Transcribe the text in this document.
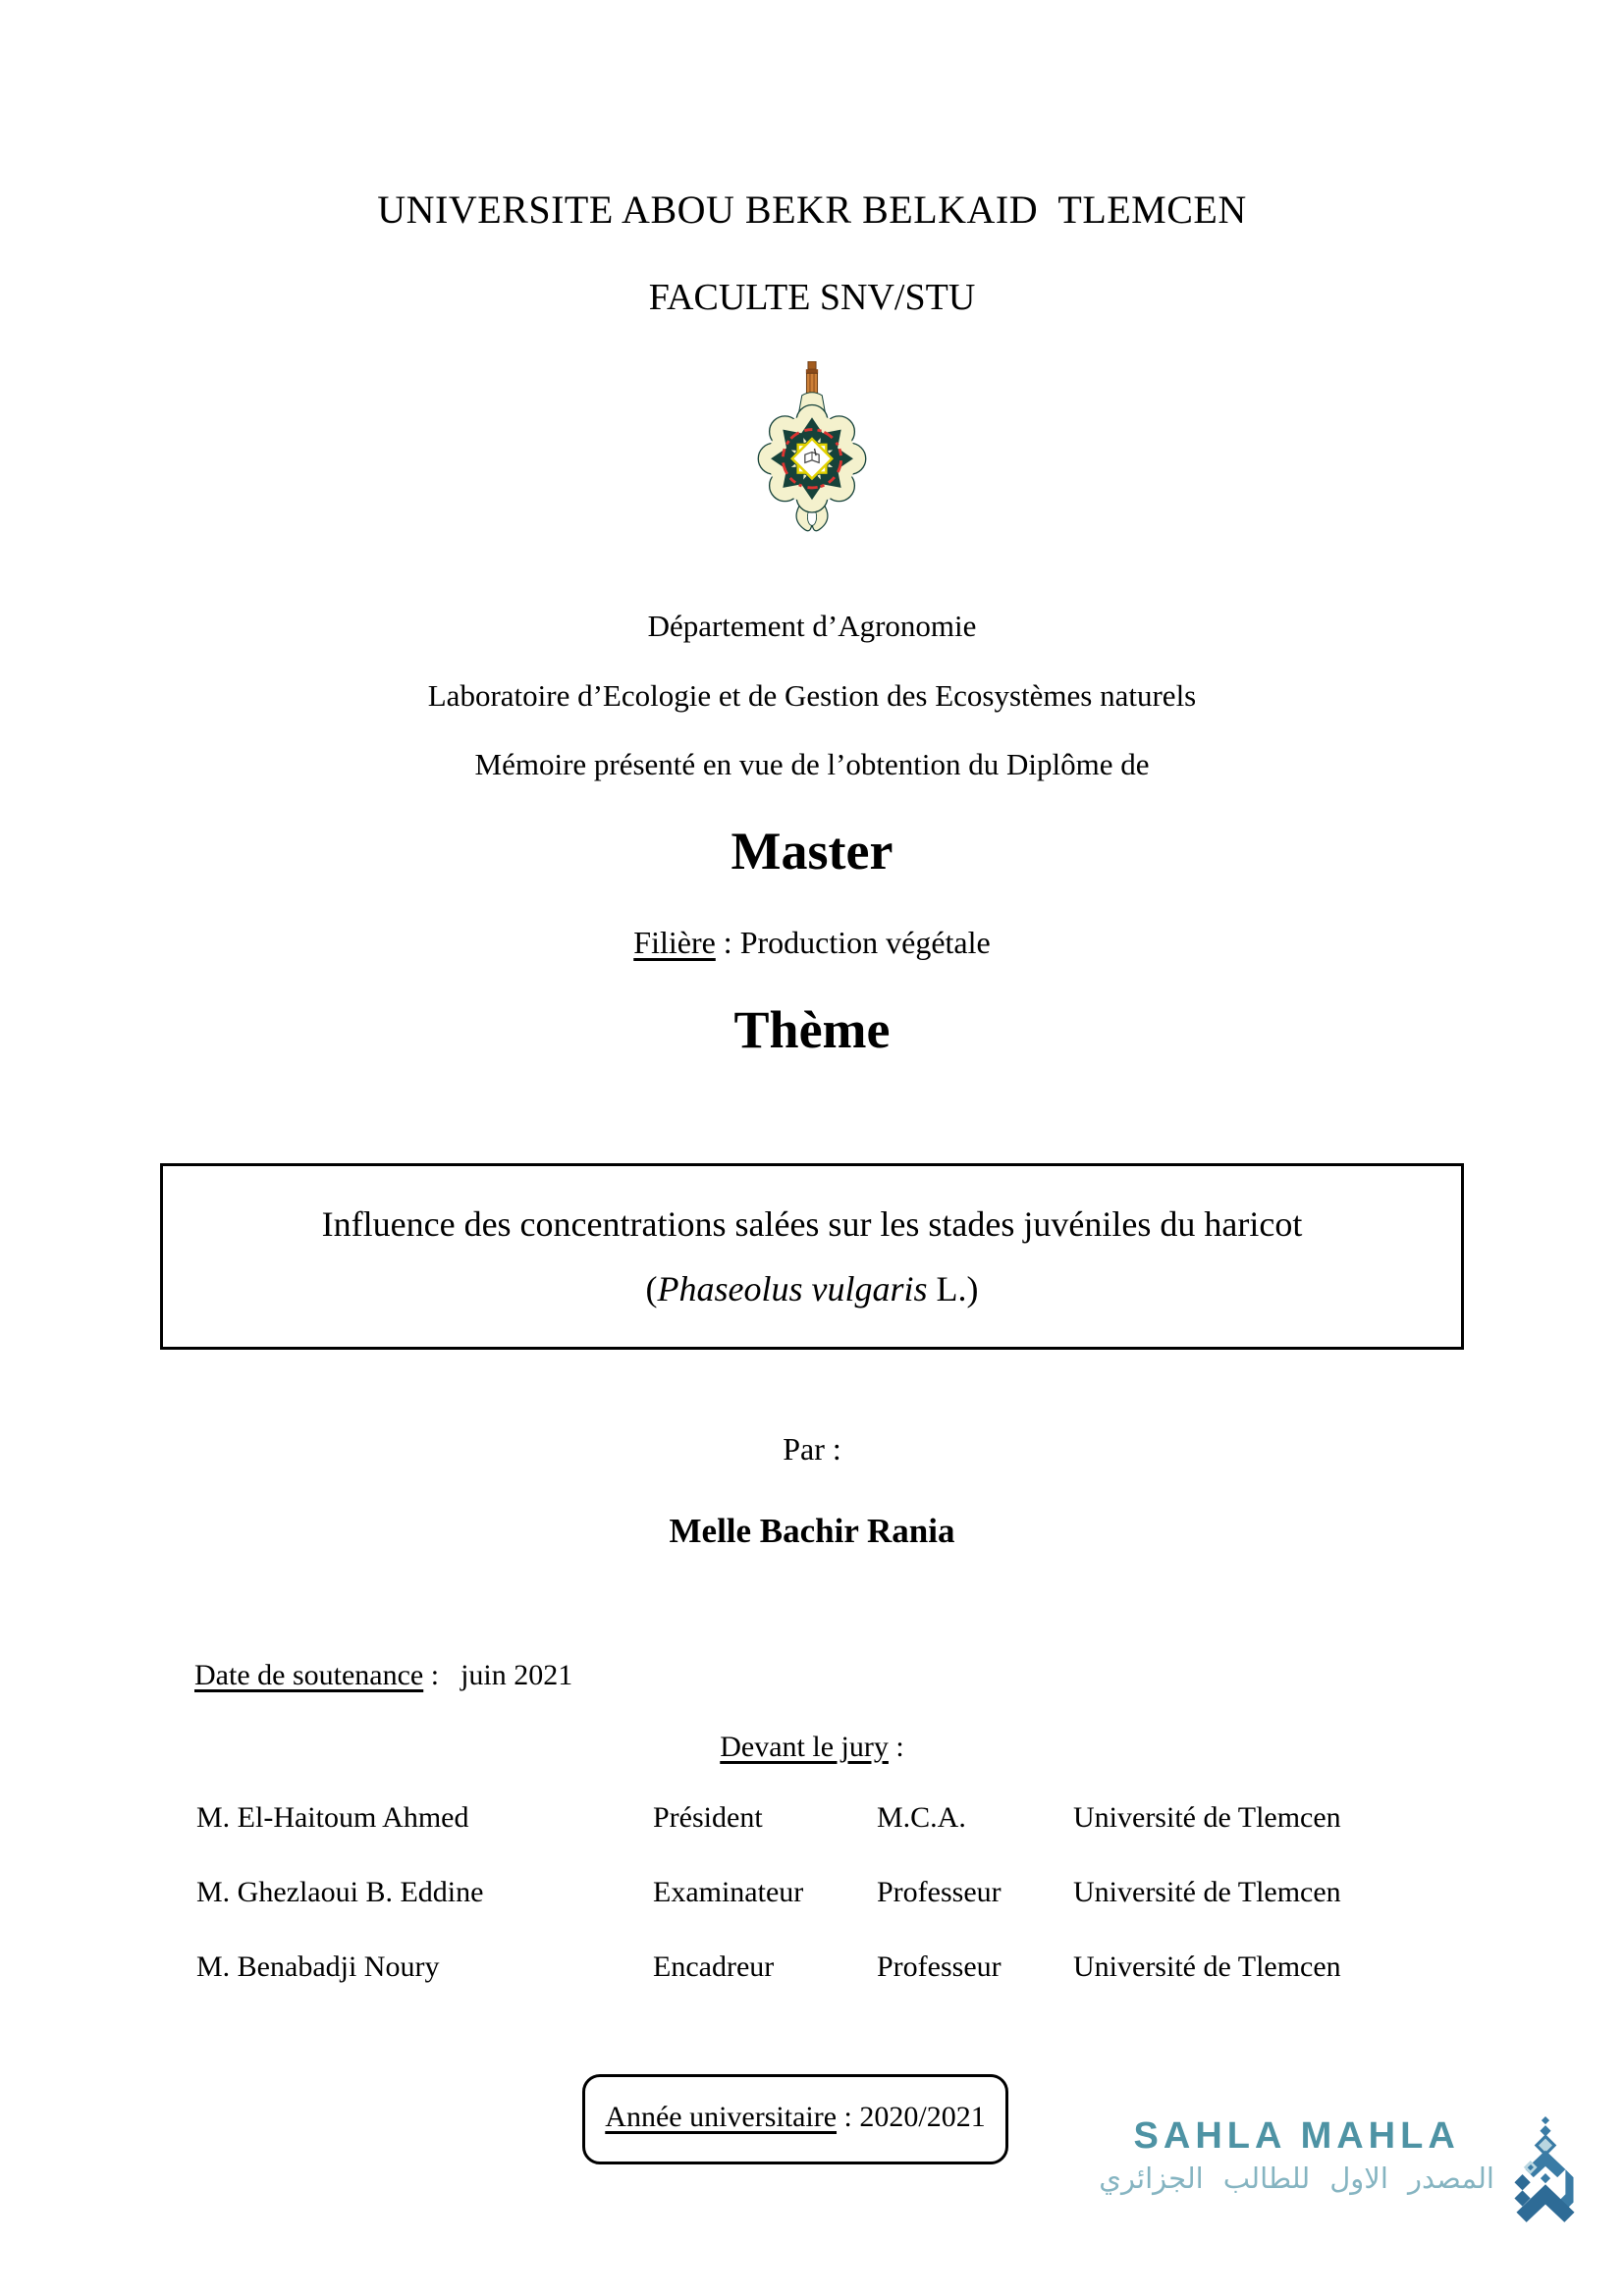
UNIVERSITE ABOU BEKR BELKAID  TLEMCEN
FACULTE SNV/STU
Département d’Agronomie
Laboratoire d’Ecologie et de Gestion des Ecosystèmes naturels
Mémoire présenté en vue de l’obtention du Diplôme de
Master
Filière : Production végétale
Thème
Influence des concentrations salées sur les stades juvéniles du haricot
(Phaseolus vulgaris L.)
Par :
Melle Bachir Rania
Date de soutenance : juin 2021
Devant le jury :
M. El-Haitoum Ahmed	Président	M.C.A.	Université de Tlemcen
M. Ghezlaoui B. Eddine	Examinateur	Professeur	Université de Tlemcen
M. Benabadji Noury	Encadreur	Professeur	Université de Tlemcen
Année universitaire : 2020/2021	SAHLA MAHLA
المصدر الاول للطالب الجزائري
